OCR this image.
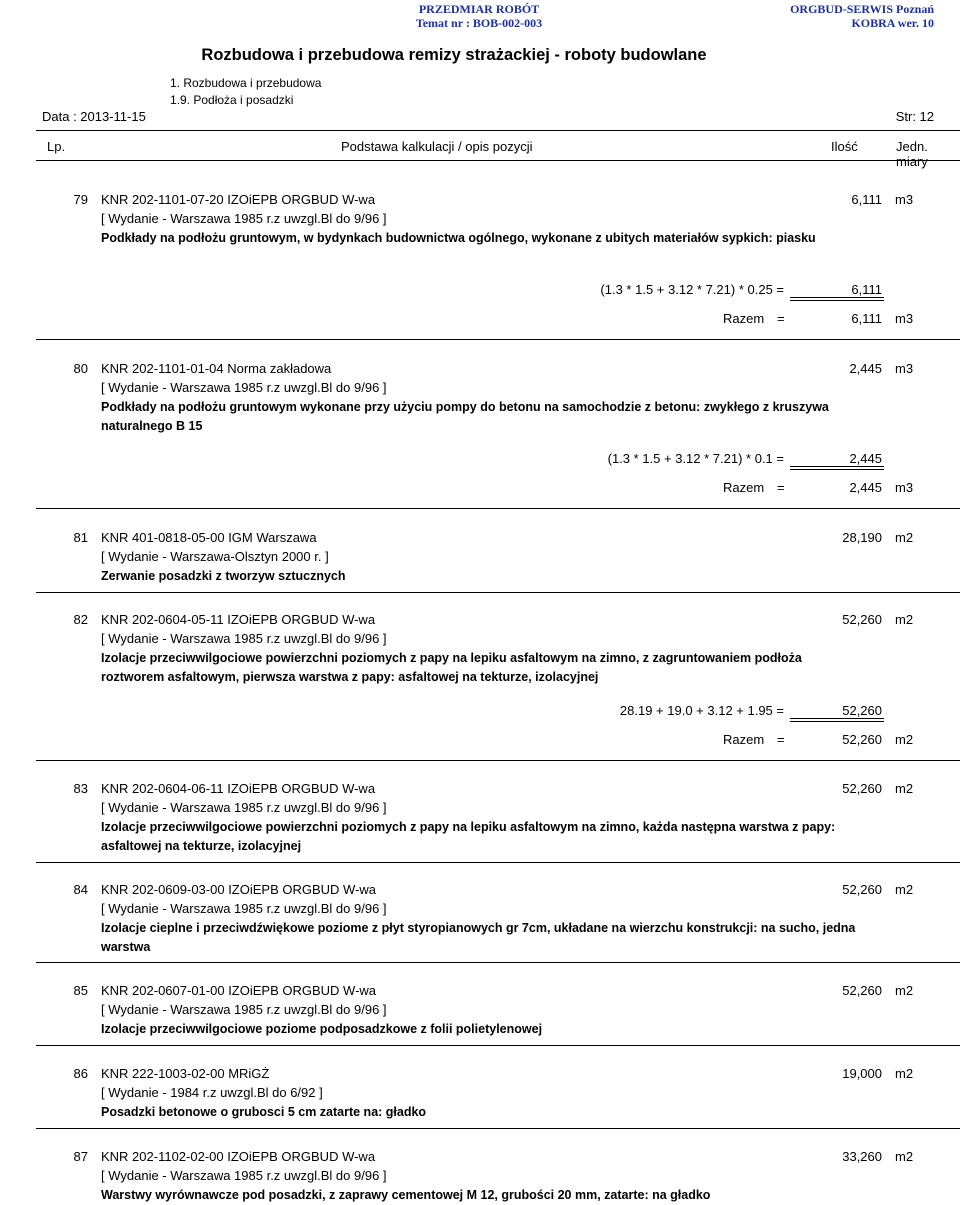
PRZEDMIAR ROBÓT
Temat nr : BOB-002-003
ORGBUD-SERWIS Poznań
KOBRA wer. 10
Rozbudowa i przebudowa remizy strażackiej - roboty budowlane
1. Rozbudowa i przebudowa
1.9. Podłoża i posadzki
Data : 2013-11-15	Str: 12
Lp.	Podstawa kalkulacji / opis pozycji	Ilość	Jedn. miary
79 KNR 202-1101-07-20 IZOiEPB ORGBUD W-wa	6,111 m3
[ Wydanie - Warszawa 1985 r.z uwzgl.Bl do 9/96 ]
Podkłady na podłożu gruntowym, w bydynkach budownictwa ogólnego, wykonane z ubitych materiałów sypkich: piasku
(1.3 * 1.5 + 3.12 * 7.21) * 0.25 =	6,111
Razem =	6,111 m3
80 KNR 202-1101-01-04 Norma zakładowa	2,445 m3
[ Wydanie - Warszawa 1985 r.z uwzgl.Bl do 9/96 ]
Podkłady na podłożu gruntowym wykonane przy użyciu pompy do betonu na samochodzie z betonu: zwykłego z kruszywa naturalnego B 15
(1.3 * 1.5 + 3.12 * 7.21) * 0.1 =	2,445
Razem =	2,445 m3
81 KNR 401-0818-05-00 IGM Warszawa	28,190 m2
[ Wydanie - Warszawa-Olsztyn 2000 r. ]
Zerwanie posadzki z tworzyw sztucznych
82 KNR 202-0604-05-11 IZOiEPB ORGBUD W-wa	52,260 m2
[ Wydanie - Warszawa 1985 r.z uwzgl.Bl do 9/96 ]
Izolacje przeciwwilgociowe powierzchni poziomych z papy na lepiku asfaltowym na zimno, z zagruntowaniem podłoża roztworem asfaltowym, pierwsza warstwa z papy: asfaltowej na tekturze, izolacyjnej
28.19 + 19.0 + 3.12 + 1.95 =	52,260
Razem =	52,260 m2
83 KNR 202-0604-06-11 IZOiEPB ORGBUD W-wa	52,260 m2
[ Wydanie - Warszawa 1985 r.z uwzgl.Bl do 9/96 ]
Izolacje przeciwwilgociowe powierzchni poziomych z papy na lepiku asfaltowym na zimno, każda następna warstwa z papy: asfaltowej na tekturze, izolacyjnej
84 KNR 202-0609-03-00 IZOiEPB ORGBUD W-wa	52,260 m2
[ Wydanie - Warszawa 1985 r.z uwzgl.Bl do 9/96 ]
Izolacje cieplne i przeciwdźwiękowe poziome z płyt styropianowych gr 7cm, układane na wierzchu konstrukcji: na sucho, jedna warstwa
85 KNR 202-0607-01-00 IZOiEPB ORGBUD W-wa	52,260 m2
[ Wydanie - Warszawa 1985 r.z uwzgl.Bl do 9/96 ]
Izolacje przeciwwilgociowe poziome podposadzkowe z folii polietylenowej
86 KNR 222-1003-02-00 MRiGŻ	19,000 m2
[ Wydanie - 1984 r.z uwzgl.Bl do 6/92 ]
Posadzki betonowe o grubosci 5 cm zatarte na: gładko
87 KNR 202-1102-02-00 IZOiEPB ORGBUD W-wa	33,260 m2
[ Wydanie - Warszawa 1985 r.z uwzgl.Bl do 9/96 ]
Warstwy wyrównawcze pod posadzki, z zaprawy cementowej M 12, grubości 20 mm, zatarte: na gładko
